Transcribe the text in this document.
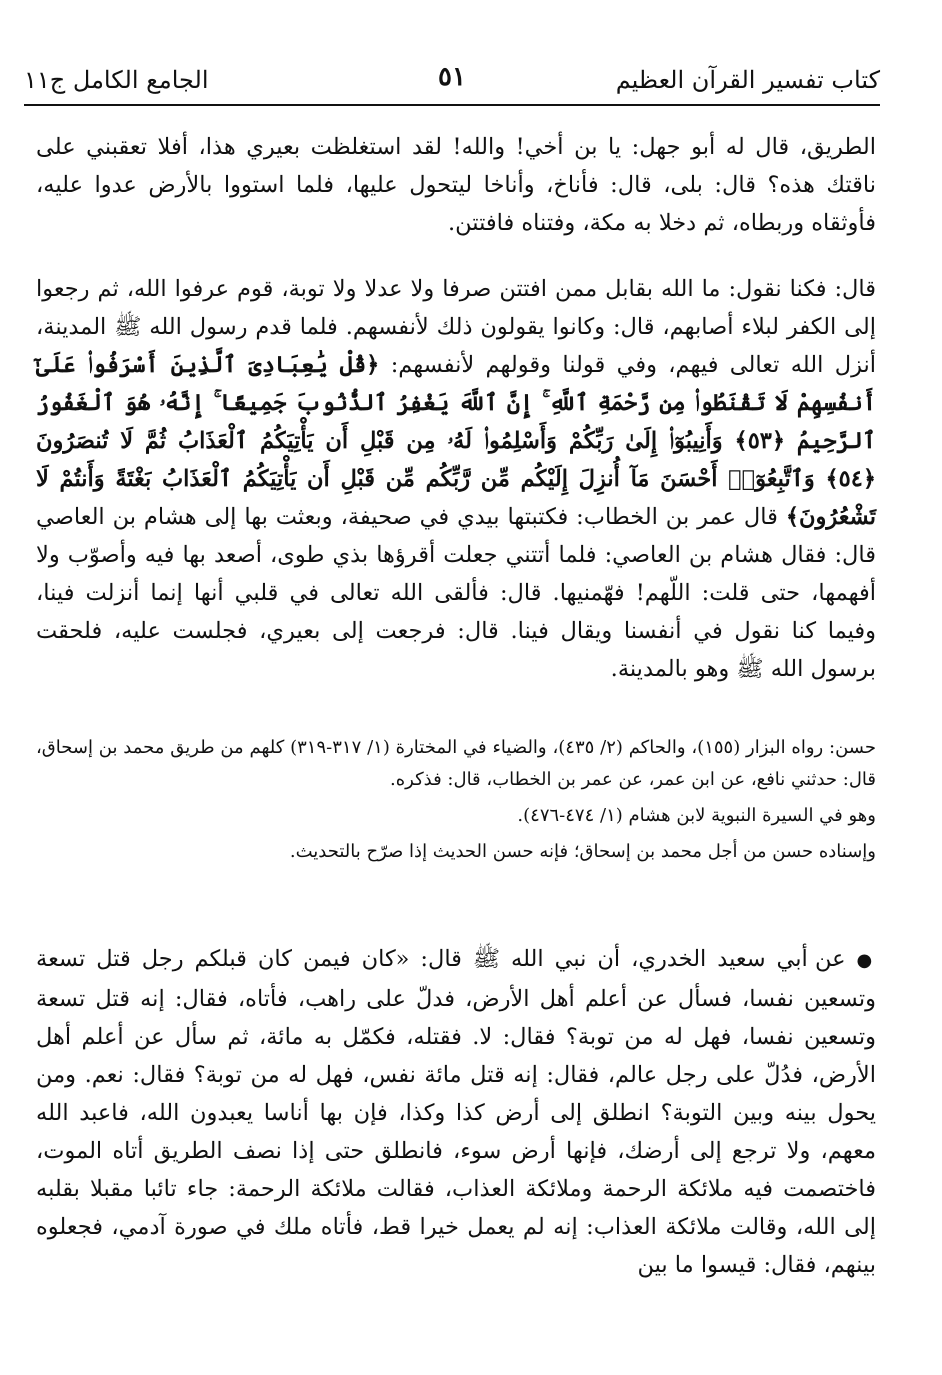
كتاب تفسير القرآن العظيم
٥١
الجامع الكامل ج١١

الطريق، قال له أبو جهل: يا بن أخي! والله! لقد استغلظت بعيري هذا، أفلا تعقبني على ناقتك هذه؟ قال: بلى، قال: فأناخ، وأناخا ليتحول عليها، فلما استووا بالأرض عدوا عليه، فأوثقاه وربطاه، ثم دخلا به مكة، وفتناه فافتتن.

قال: فكنا نقول: ما الله بقابل ممن افتتن صرفا ولا عدلا ولا توبة، قوم عرفوا الله، ثم رجعوا إلى الكفر لبلاء أصابهم، قال: وكانوا يقولون ذلك لأنفسهم. فلما قدم رسول الله ﷺ المدينة، أنزل الله تعالى فيهم، وفي قولنا وقولهم لأنفسهم: ﴿قُلْ يَٰعِبَادِىَ ٱلَّذِينَ أَسْرَفُوا۟ عَلَىٰٓ أَنفُسِهِمْ لَا تَقْنَطُوا۟ مِن رَّحْمَةِ ٱللَّهِ ۚ إِنَّ ٱللَّهَ يَغْفِرُ ٱلذُّنُوبَ جَمِيعًا ۚ إِنَّهُۥ هُوَ ٱلْغَفُورُ ٱلرَّحِيمُ ﴿٥٣﴾ وَأَنِيبُوٓا۟ إِلَىٰ رَبِّكُمْ وَأَسْلِمُوا۟ لَهُۥ مِن قَبْلِ أَن يَأْتِيَكُمُ ٱلْعَذَابُ ثُمَّ لَا تُنصَرُونَ ﴿٥٤﴾ وَٱتَّبِعُوٓا۟ أَحْسَنَ مَآ أُنزِلَ إِلَيْكُم مِّن رَّبِّكُم مِّن قَبْلِ أَن يَأْتِيَكُمُ ٱلْعَذَابُ بَغْتَةً وَأَنتُمْ لَا تَشْعُرُونَ﴾ قال عمر بن الخطاب: فكتبتها بيدي في صحيفة، وبعثت بها إلى هشام بن العاصي قال: فقال هشام بن العاصي: فلما أتتني جعلت أقرؤها بذي طوى، أصعد بها فيه وأصوّب ولا أفهمها، حتى قلت: اللّهم! فهّمنيها. قال: فألقى الله تعالى في قلبي أنها إنما أنزلت فينا، وفيما كنا نقول في أنفسنا ويقال فينا. قال: فرجعت إلى بعيري، فجلست عليه، فلحقت برسول الله ﷺ وهو بالمدينة.

حسن: رواه البزار (١٥٥)، والحاكم (٢/ ٤٣٥)، والضياء في المختارة (١/ ٣١٧-٣١٩) كلهم من طريق محمد بن إسحاق، قال: حدثني نافع، عن ابن عمر، عن عمر بن الخطاب، قال: فذكره.

وهو في السيرة النبوية لابن هشام (١/ ٤٧٤-٤٧٦).

وإسناده حسن من أجل محمد بن إسحاق؛ فإنه حسن الحديث إذا صرّح بالتحديث.

● عن أبي سعيد الخدري، أن نبي الله ﷺ قال: «كان فيمن كان قبلكم رجل قتل تسعة وتسعين نفسا، فسأل عن أعلم أهل الأرض، فدلّ على راهب، فأتاه، فقال: إنه قتل تسعة وتسعين نفسا، فهل له من توبة؟ فقال: لا. فقتله، فكمّل به مائة، ثم سأل عن أعلم أهل الأرض، فدُلّ على رجل عالم، فقال: إنه قتل مائة نفس، فهل له من توبة؟ فقال: نعم. ومن يحول بينه وبين التوبة؟ انطلق إلى أرض كذا وكذا، فإن بها أناسا يعبدون الله، فاعبد الله معهم، ولا ترجع إلى أرضك، فإنها أرض سوء، فانطلق حتى إذا نصف الطريق أتاه الموت، فاختصمت فيه ملائكة الرحمة وملائكة العذاب، فقالت ملائكة الرحمة: جاء تائبا مقبلا بقلبه إلى الله، وقالت ملائكة العذاب: إنه لم يعمل خيرا قط، فأتاه ملك في صورة آدمي، فجعلوه بينهم، فقال: قيسوا ما بين
